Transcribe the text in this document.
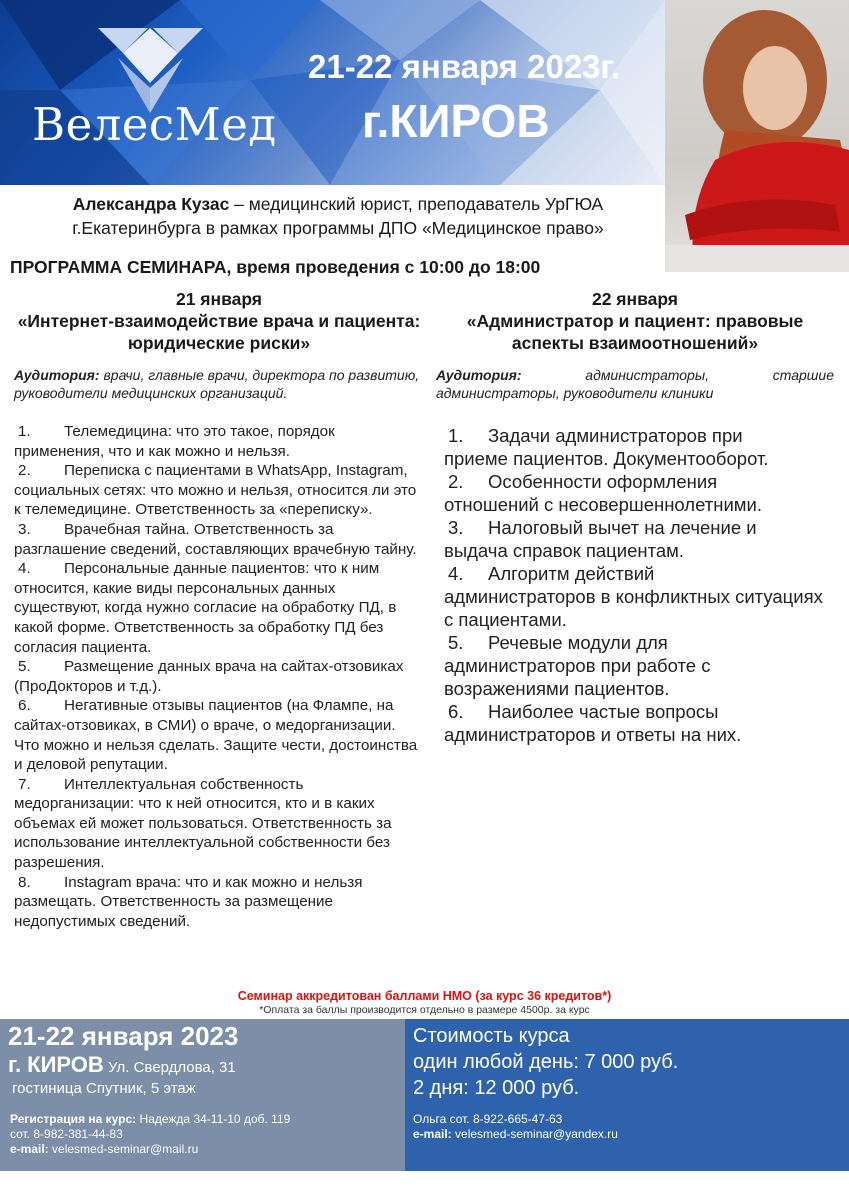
ВелесМед
21-22 января 2023г.
г.КИРОВ
Александра Кузас – медицинский юрист, преподаватель УрГЮА г.Екатеринбурга в рамках программы ДПО «Медицинское право»
ПРОГРАММА СЕМИНАРА, время проведения с 10:00 до 18:00
21 января
«Интернет-взаимодействие врача и пациента: юридические риски»
Аудитория: врачи, главные врачи, директора по развитию, руководители медицинских организаций.
1. Телемедицина: что это такое, порядок применения, что и как можно и нельзя.
2. Переписка с пациентами в WhatsApp, Instagram, социальных сетях: что можно и нельзя, относится ли это к телемедицине. Ответственность за «переписку».
3. Врачебная тайна. Ответственность за разглашение сведений, составляющих врачебную тайну.
4. Персональные данные пациентов: что к ним относится, какие виды персональных данных существуют, когда нужно согласие на обработку ПД, в какой форме. Ответственность за обработку ПД без согласия пациента.
5. Размещение данных врача на сайтах-отзовиках (ПроДокторов и т.д.).
6. Негативные отзывы пациентов (на Флампе, на сайтах-отзовиках, в СМИ) о враче, о медорганизации. Что можно и нельзя сделать. Защите чести, достоинства и деловой репутации.
7. Интеллектуальная собственность медорганизации: что к ней относится, кто и в каких объемах ей может пользоваться. Ответственность за использование интеллектуальной собственности без разрешения.
8. Instagram врача: что и как можно и нельзя размещать. Ответственность за размещение недопустимых сведений.
22 января
«Администратор и пациент: правовые аспекты взаимоотношений»
Аудитория: администраторы, старшие администраторы, руководители клиники
1. Задачи администраторов при
приеме пациентов. Документооборот.
2. Особенности оформления
отношений с несовершеннолетними.
3. Налоговый вычет на лечение и
выдача справок пациентам.
4. Алгоритм действий
администраторов в конфликтных ситуациях с пациентами.
5. Речевые модули для
администраторов при работе с возражениями пациентов.
6. Наиболее частые вопросы
администраторов и ответы на них.
Семинар аккредитован баллами НМО (за курс 36 кредитов*)
*Оплата за баллы производится отдельно в размере 4500р. за курс
21-22 января 2023
г. КИРОВ Ул. Свердлова, 31
гостиница Спутник, 5 этаж
Регистрация на курс: Надежда 34-11-10 доб. 119
сот. 8-982-381-44-83
e-mail: velesmed-seminar@mail.ru
Стоимость курса
один любой день: 7 000 руб.
2 дня: 12 000 руб.
Ольга сот. 8-922-665-47-63
e-mail: velesmed-seminar@yandex.ru
